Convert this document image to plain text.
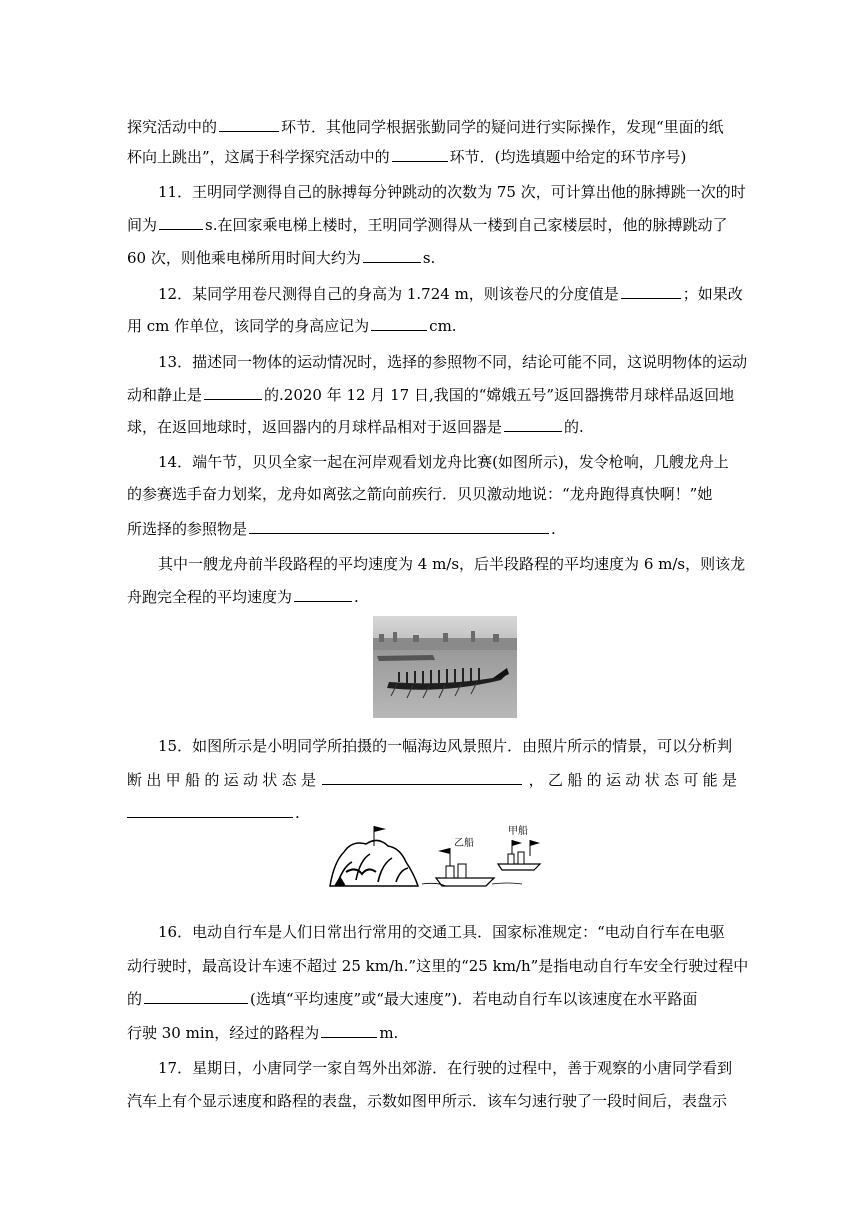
探究活动中的	环节．其他同学根据张勤同学的疑问进行实际操作，发现“里面的纸
杯向上跳出”，这属于科学探究活动中的	环节．(均选填题中给定的环节序号)
11．王明同学测得自己的脉搏每分钟跳动的次数为 75 次，可计算出他的脉搏跳一次的时
间为	s.在回家乘电梯上楼时，王明同学测得从一楼到自己家楼层时，他的脉搏跳动了
60 次，则他乘电梯所用时间大约为	s.
12．某同学用卷尺测得自己的身高为 1.724 m，则该卷尺的分度值是	；如果改
用 cm 作单位，该同学的身高应记为	cm.
13．描述同一物体的运动情况时，选择的参照物不同，结论可能不同，这说明物体的运动
动和静止是	的.2020 年 12 月 17 日,我国的“嫦娥五号”返回器携带月球样品返回地
球，在返回地球时，返回器内的月球样品相对于返回器是	的.
14．端午节，贝贝全家一起在河岸观看划龙舟比赛(如图所示)，发令枪响，几艘龙舟上
的参赛选手奋力划桨，龙舟如离弦之箭向前疾行．贝贝激动地说：“龙舟跑得真快啊！”她
所选择的参照物是	.
其中一艘龙舟前半段路程的平均速度为 4 m/s，后半段路程的平均速度为 6 m/s，则该龙
舟跑完全程的平均速度为	.
15．如图所示是小明同学所拍摄的一幅海边风景照片．由照片所示的情景，可以分析判
断出甲船的运动状态是	，乙船的运动状态可能是
.
乙船
甲船
16．电动自行车是人们日常出行常用的交通工具．国家标准规定：“电动自行车在电驱
动行驶时，最高设计车速不超过 25 km/h.”这里的“25 km/h”是指电动自行车安全行驶过程中
的	(选填“平均速度”或“最大速度”)．若电动自行车以该速度在水平路面
行驶 30 min，经过的路程为	m.
17．星期日，小唐同学一家自驾外出郊游．在行驶的过程中，善于观察的小唐同学看到
汽车上有个显示速度和路程的表盘，示数如图甲所示．该车匀速行驶了一段时间后，表盘示
